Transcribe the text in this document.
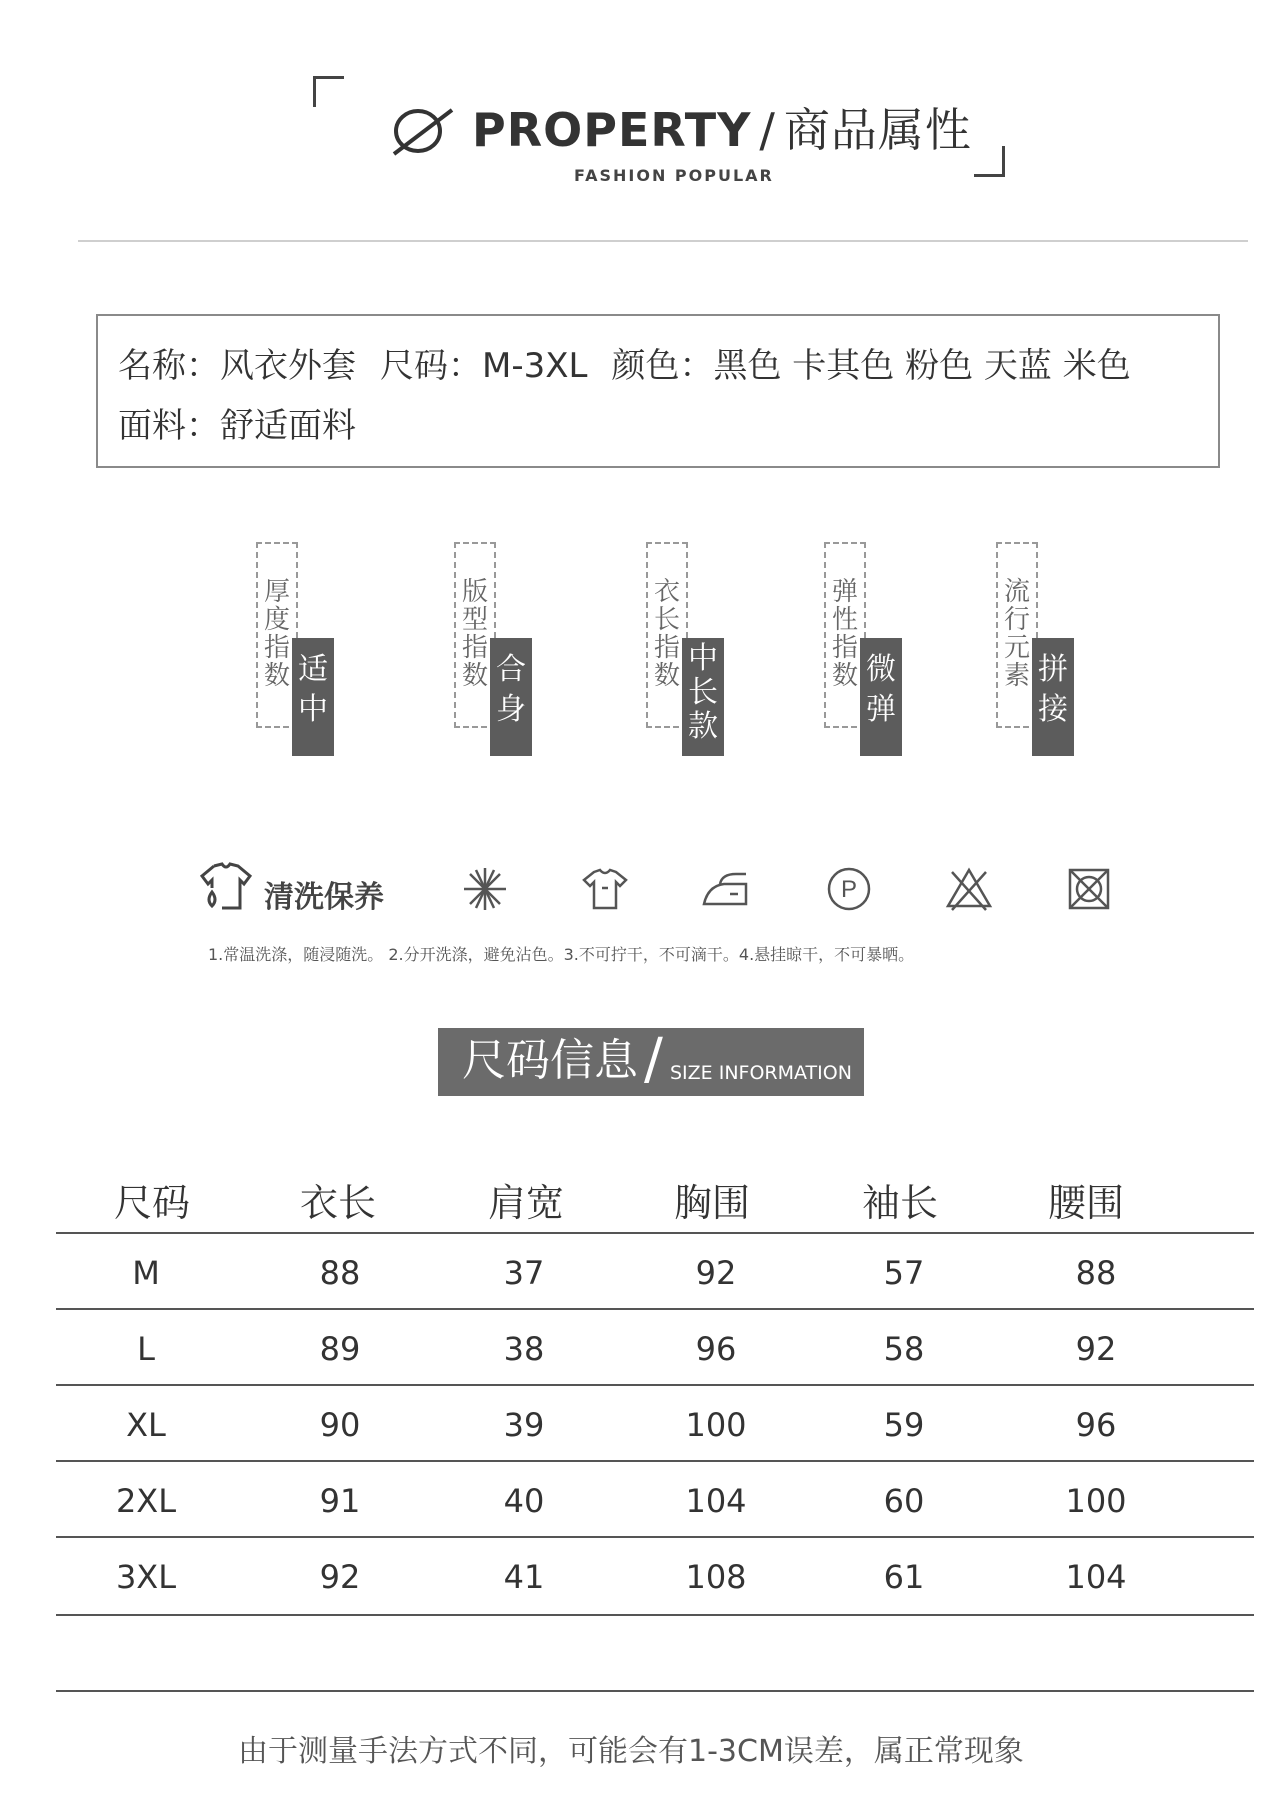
PROPERTY / 商品属性
FASHION POPULAR
名称：风衣外套 尺码：M-3XL 颜色：黑色 卡其色 粉色 天蓝 米色
面料：舒适面料
厚
度
指
数 适
中
版
型
指
数 合
身
衣
长
指
数 中
长
款
弹
性
指
数 微
弹
流
行
元
素 拼
接
清洗保养	P
1.常温洗涤，随浸随洗。 2.分开洗涤，避免沾色。3.不可拧干，不可滴干。4.悬挂晾干，不可暴晒。
尺码信息 / SIZE INFORMATION
尺码	衣长	肩宽	胸围	袖长	腰围
M	88	37	92	57	88
L	89	38	96	58	92
XL	90	39	100	59	96
2XL	91	40	104	60	100
3XL	92	41	108	61	104
由于测量手法方式不同，可能会有1-3CM误差，属正常现象
